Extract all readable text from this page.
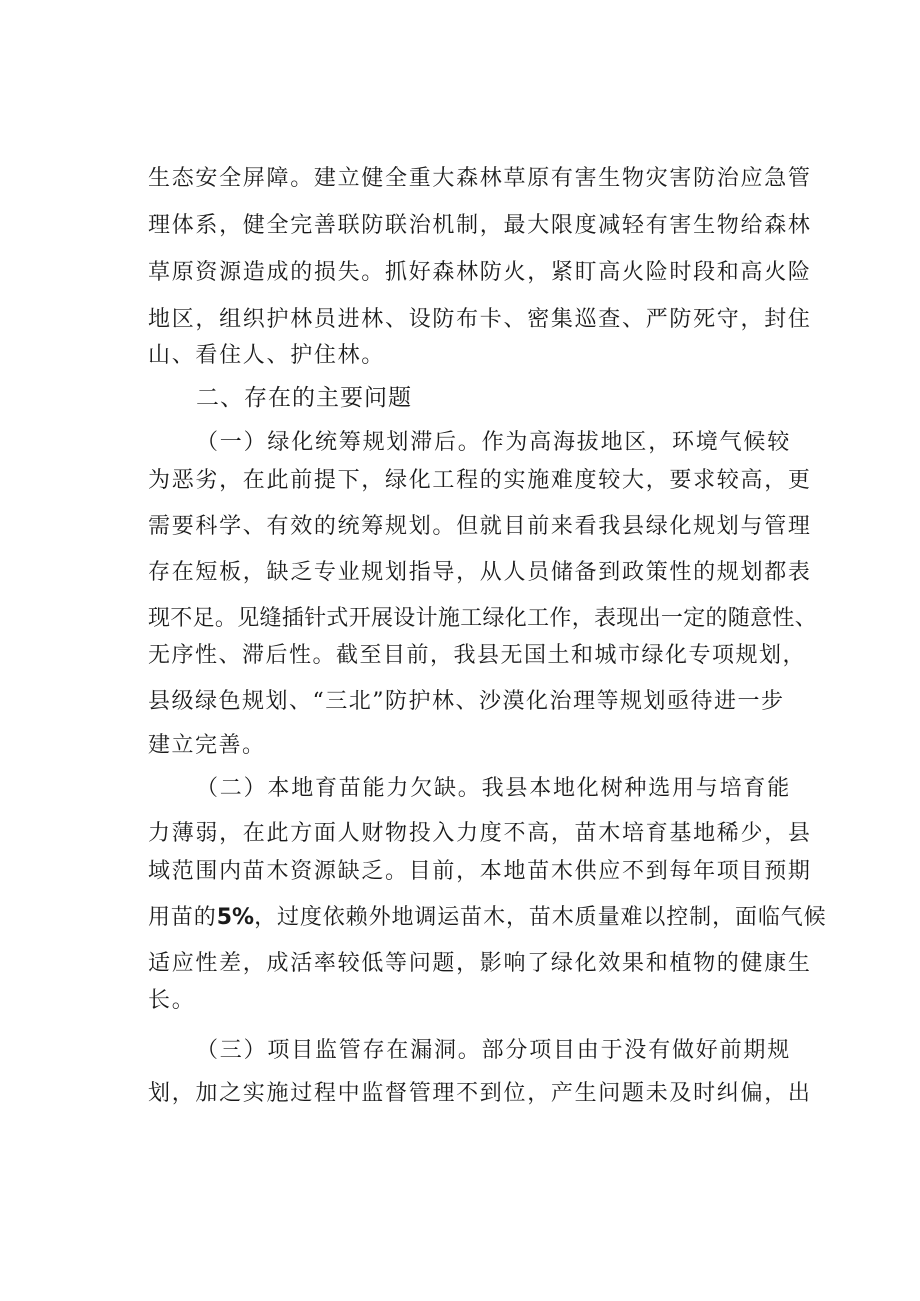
生态安全屏障。建立健全重大森林草原有害生物灾害防治应急管
理体系，健全完善联防联治机制，最大限度减轻有害生物给森林
草原资源造成的损失。抓好森林防火，紧盯高火险时段和高火险
地区，组织护林员进林、设防布卡、密集巡查、严防死守，封住
山、看住人、护住林。
二、存在的主要问题
（一）绿化统筹规划滞后。作为高海拔地区，环境气候较
为恶劣，在此前提下，绿化工程的实施难度较大，要求较高，更
需要科学、有效的统筹规划。但就目前来看我县绿化规划与管理
存在短板，缺乏专业规划指导，从人员储备到政策性的规划都表
现不足。见缝插针式开展设计施工绿化工作，表现出一定的随意性、
无序性、滞后性。截至目前，我县无国土和城市绿化专项规划，
县级绿色规划、“三北”防护林、沙漠化治理等规划亟待进一步
建立完善。
（二）本地育苗能力欠缺。我县本地化树种选用与培育能
力薄弱，在此方面人财物投入力度不高，苗木培育基地稀少，县
域范围内苗木资源缺乏。目前，本地苗木供应不到每年项目预期
用苗的5%，过度依赖外地调运苗木，苗木质量难以控制，面临气候
适应性差，成活率较低等问题，影响了绿化效果和植物的健康生
长。
（三）项目监管存在漏洞。部分项目由于没有做好前期规
划，加之实施过程中监督管理不到位，产生问题未及时纠偏，出
